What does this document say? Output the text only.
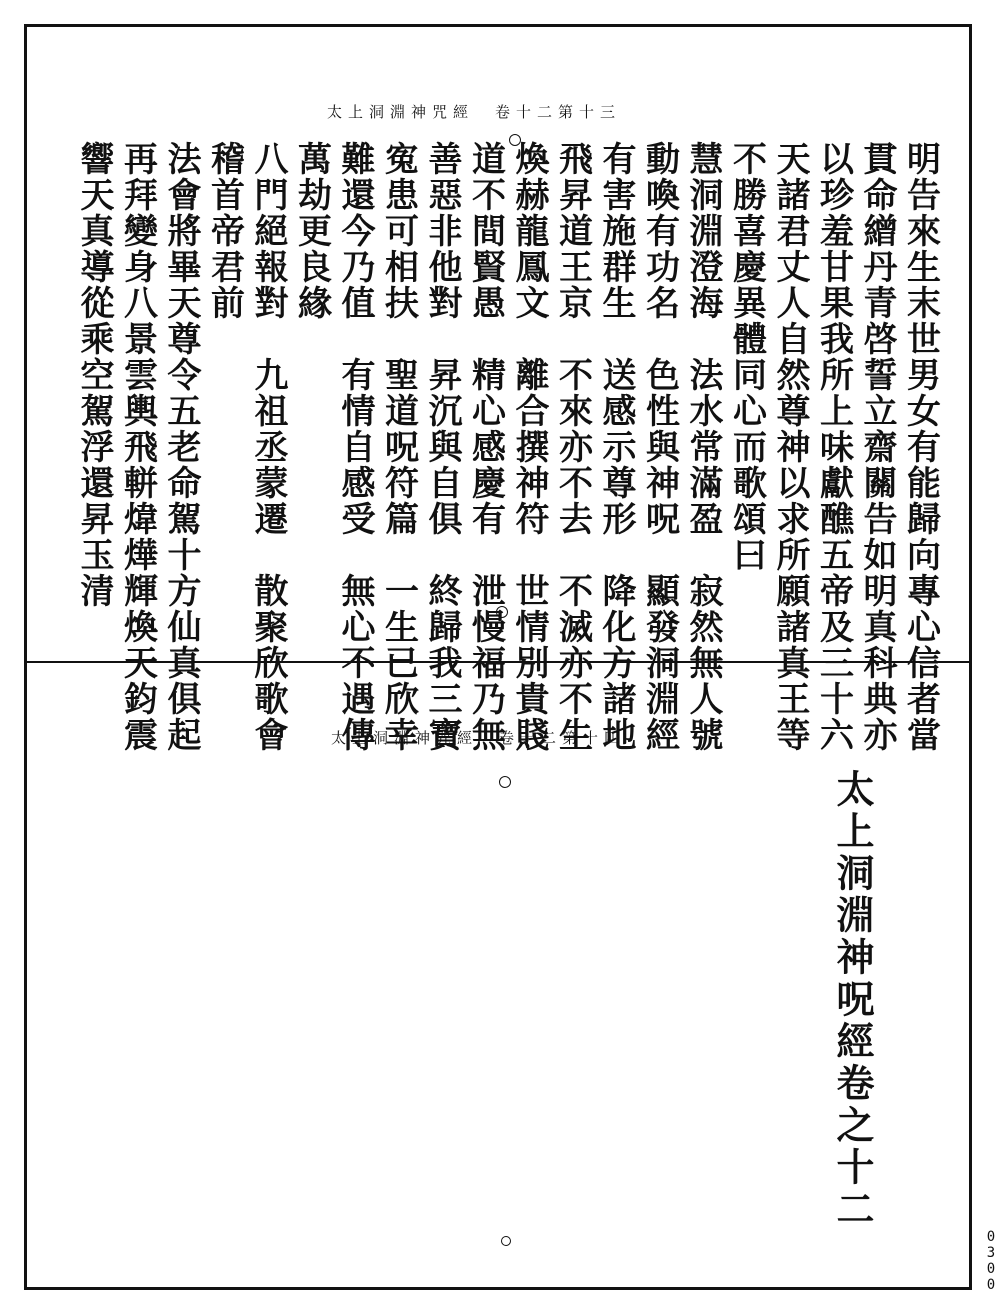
太上洞淵神咒經　卷十二第十三
明告來生末世男女有能歸向專心信者當
貫命繒丹青啓誓立齋關告如明真科典亦
以珍羞甘果我所上味獻醮五帝及三十六
天諸君丈人自然尊神以求所願諸真王等
不勝喜慶異體同心而歌頌曰
慧洞淵澄海　法水常滿盈　寂然無人號
動喚有功名　色性與神呪　顯發洞淵經
有害施群生　送感示尊形　降化方諸地
飛昇道王京　不來亦不去　不滅亦不生
煥赫龍鳳文　離合撰神符　世情別貴賤
道不間賢愚　精心感慶有　泄慢福乃無
善惡非他對　昇沉與自俱　終歸我三寶
寃患可相扶　聖道呪符篇　一生已欣幸
難還今乃值　有情自感受　無心不遇傳
萬劫更良緣　　　　　　　　　　　　
八門絕報對　九祖丞蒙遷　散聚欣歌會
稽首帝君前
法會將畢天尊令五老命駕十方仙真俱起
再拜變身八景雲輿飛軿煒燁輝煥天鈞震
響天真導從乘空駕浮還昇玉清
太上洞淵神咒經　卷十二第十四
太上洞淵神呪經卷之十二
0300
